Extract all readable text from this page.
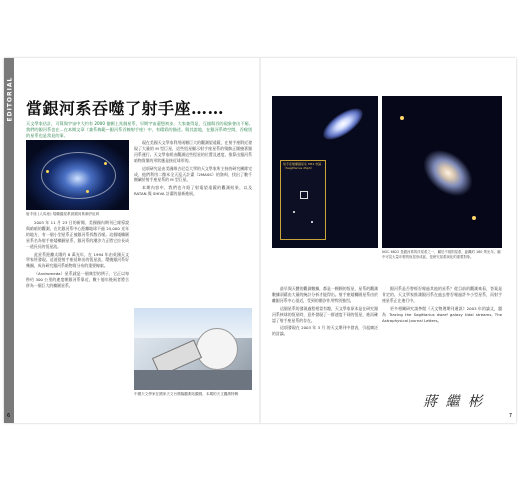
EDITORIAL 當銀河系吞噬了射手座……
天文學家估計，可算與宇宙中大約有 2000 億顆上兆個星系，早期宇宙還想初步，大家兼得是，互撞與吞的現象會出不窮。我們的銀河系也在…在本期文章《兼系典範—銀河系吞蝕射手座》中，有精彩的描述。與其說地，在銀河系時空間，吞噬別的星系也是常見的事。
射手座 (人馬座) 矮橢圓星系被銀河系潮汐扯碎

2003 年 11 月 23 日的新聞，美國國內期刊已報導說與暗暗的觀測，在比銀河系中心距離地球不過 25,000 光年的地方，有一個小型星系正被銀河系拆散吞噬。這個矮橢圓星系名為射手座矮橢圓星系，銀河系的潮汐力正將它拉長成一道長長的恆星流。

此星系距離太陽約 8 萬光年，在 1994 年由英國天文學家所發現。這道從射手座延伸出的恆星流，環繞銀河系好幾圈，成為研究銀河系暗物質分布的重要線索。

（Andromeda）星系就是一個典型的例子，它正以每秒約 300 公里的速度朝銀河系靠近，數十億年後兩者將合併為一個巨大的橢圓星系。

現在美國天文學家利用兩顆巨大的觀測望遠鏡，在射手座附近發現了大量的 M 型巨星，這些恆星顯示射手座星系的殘骸正圍繞著銀河系運行。天文學家經由觀測這些恆星的位置及速度，推算出銀河系暗物質暈的形狀應是接近球形的。

這項研究是由美國維吉尼亞大學的天文學家所主持的研究團隊完成，他們利用二微米全天巡天計畫（2MASS）的資料，找出了數千顆屬於射手座星系的 M 型巨星。

本期內容中，我們也介紹了射電望遠鏡的觀測結果，以及 RATAN 與 SHIVA 計畫的最新進展。

中國天文學家在國家天文台興隆觀測站觀測，本期的天文觀測特輯
6
射手座矮橢圓星系 M54 核區（Sagittarius dSph）
NGC 6822 是銀河系的伴星系之一，屬於不規則星系，距離約 160 萬光年。圖中可見大量年輕的恆星形成區，是研究星系演化的重要對象。

最早與天體的觀測數據，都是一顆顆的恆星，星系的觀測數據須藉由大量的統計分析才能得出。射手座矮橢圓星系由於離銀河系中心很近，受到的潮汐作用特別強烈。

這個星系的發現過程相當有趣，天文學家原本是在研究銀河系核球的恆星時，意外發現了一群速度不同的恆星，進而確認了射手座星系的存在。

這項發現在 2003 年 3 月 的天文期刊中發表，引起廣泛的討論。

銀河系是否曾經吞噬過其他的星系？從目前的觀測來看，答案是肯定的。天文學家推測銀河系在過去曾吞噬過許多小型星系，而射手座星系正在進行中。

更多相關研究請參閱《天文物理期刊通訊》2003 年的論文，題為 Tracing the Sagittarius dwarf galaxy tidal streams, The Astrophysical Journal Letters。

蔣 繼 彬
7
